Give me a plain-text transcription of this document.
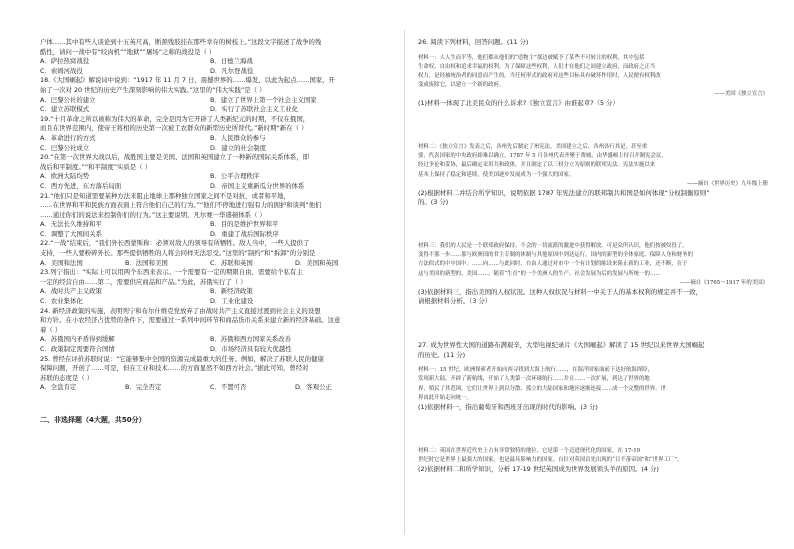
户体……其中有些人谈论到十五英尺高，断颈残肢挂在那些幸存的树枝上。”这段文字描述了战争的残
酷性，请问一战中有“绞肉机”“地狱”“屠场”之称的战役是（ ）
A．萨拉热窝战役	B．日德兰海战
C．索姆河战役	D．凡尔登战役
18.《大国崛起》解说词中说到：“1917 年 11 月 7 日，震撼世界的……爆发，以此为起点……国家，开
始了一次对 20 世纪的历史产生深刻影响的伟大实践。”这里的“伟大实践”是（ ）
A．巴黎公社的建立	B．建立了世界上第一个社会主义国家
C．建立苏联模式	D．实行了苏联社会主义工业化
19.“十月革命之所以被称为伟大的革命，完全是因为它开辟了人类新纪元的时期，不仅在俄国，
而且在世界范围内，使帝王将相的历史第一次被工农群众的新型历史所替代。”新时期“新在（ ）
A．革命进行的方式	B．人民群众的参与
C．巴黎公社成立	D．建立的社会制度
20.“在第一次世界大战以后，战胜国主要是美国、法国和英国建立了一种新的国际关系体系，即
战后和平制度。”“和平制度”实质是（ ）
A．欧洲大陆均势	B．公平合理秩序
C．西方先进，东方落后局面	D．帝国主义重新瓜分世界的体系
21.“他们只是知道需要某种方法来阻止地球上那种独立国家之间不是对抗，或者和平地，
……在世界和平和民族方面表面上符合他们自己的行为。”“他们不停地进行强有力的拥护和谈判”他们
……通过你们的说法来控制你们的行为。”这主要说明，凡尔赛一华盛顿体系（ ）
A．无法长久维持和平	B．目的是维护世界和平
C．调整了大国间关系	D．重建了战后国际秩序
22.“一战”结束后，“我们外长西蒙斯称：必须对敌人的领导有所牺牲。敌人当中，一些人提供了
支持，一些人要粉碎外长。那些提供牺牲的人将会同样无法忍受。”这里的“制约”和“拆卸”的分别是
A．美国和法国	B．法国和美国	C．苏联和英国	D．美国和英国
23.列宁指出：“实际上可以用两个东西来表示。一个需要有一定的期限自由，需要给个私有主
一定的经营自由……第二，需要供应商品和产品。”为此，苏俄实行了（ ）
A．战时共产主义政策	B．新经济政策
C．农业集体化	D．工业化建设
24. 新经济政策的实施，表明列宁和布尔什维克党放弃了由战时共产主义直接过渡到社会主义的设想
和方针。在小农经济占优势的条件下，需要通过一系列中间环节和商品货币关系来建立新的经济基础。这意
着（ ）
A．苏俄国内矛盾得到缓解	B．苏俄和西方国家关系改善
C．政策制定需要符合国情	D．市场经济具有较大优越性
25. 曾经在评价苏联时说：“它能够集中全国的资源完成最重大的任务。例如，解决了苏联人民的健康
保障问题，开创了……可是，但在工业和技术……的方面显然不如西方社会。”据此可知，曾经对
苏联的态度是（ ）
A．全盘肯定	B．完全否定	C．不置可否	D．客观公正
二、非选择题（4大题，共50分）
26. 阅读下列材料，回答问题。(11 分)
材料一：人人生而平等，他们都从他们的“造物主”那边被赋予了某些不可转让的权利，其中包括
生命权、自由权和追求幸福的权利。为了保障这些权利，人们才在他们之间建立政府，而政府之正当
权力，是经被统治者的同意而产生的。当任何形式的政府对这些目标具有破坏作用时，人民便有权利改
变或废除它，以建立一个新的政府。
——美国《独立宣言》
(1)材料一体现了北美民众的什么诉求?《独立宣言》由谁起草?（5 分）
材料二：《独立宣言》发表之后，各州先后制定了州宪法，美国建立之后，各州各行其是，甚至重
要，代表国家的中央政府却难以确立。1787 年 5 月各州代表齐聚于费城，由华盛顿主持召开制宪会议，
经过争论和妥协，最后确定采用共和政体，并且制定了以三权分立为原则的联邦宪法。宪法实施以来
基本上保持了稳定和延续，使美国逐步发展成为一个强大的国家。
——摘自《世界历史》九年级上册
(2)根据材料二并结合所学知识，说明依据 1787 年宪法建立的联邦制共和国是如何体现“分权制衡原则”
的。(3 分)
材料三：我们的人民是一个联邦政府保持、不会的一切流派的激进中获得解放。可是众所认识，他们按被奴役了，
变得不那一步……那与欧洲国的君主专制的体制与其他原因中到达运行，国内的新型的全体家庭、保障人身和财务的
方法似式的中中国中。……向……与此同时，自由人通过对市中一个有计划的陈设来阻止新的工业，还不断，在于
这与美国的新型的、美国……。随着“生育”的一个美洲人的生产、社会发展为后的发展与所统一的……
——摘自《1765～1917 年的美国》
(3)依据材料三，指出美国的人权状况。这种人权状况与材料一中关于人的基本权利的规定并不一致，
请根据材料分析。（3 分）
27. 成为世界性大国的道路布满艰辛，大型电视纪录片《大国崛起》解读了 15 世纪以来世界大国崛起
的历史。(11 分)
材料一：15 世纪，欧洲探索者开始向西寻找到大海上航行……，在海洋国家面前下达好航海探险，
发现新大陆、开辟了新航线，开始了人类第一次环球航行……并且……一次扩展，到达了世界的地
界，殖民了其范围，它们让世界上到以分散、孤立的大陆国家和地区逐渐连接……成一个完整的世界。世
界由此开始走向统一。
(1)依据材料一，指出葡萄牙和西班牙出现的时代的影响。(3 分)
材料二：英国在世界近代史上占有非常独特的地位。它是第一个迈进现代化的国家，在 17-19
世纪时它是世界上最强大的国家，也是最具影响力的国家。自针对英国首先出现的“日不落帝国”和“世界工厂”。
(2)依据材料二和所学知识，分析 17-19 世纪英国成为世界发展领头羊的原因。(4 分)
